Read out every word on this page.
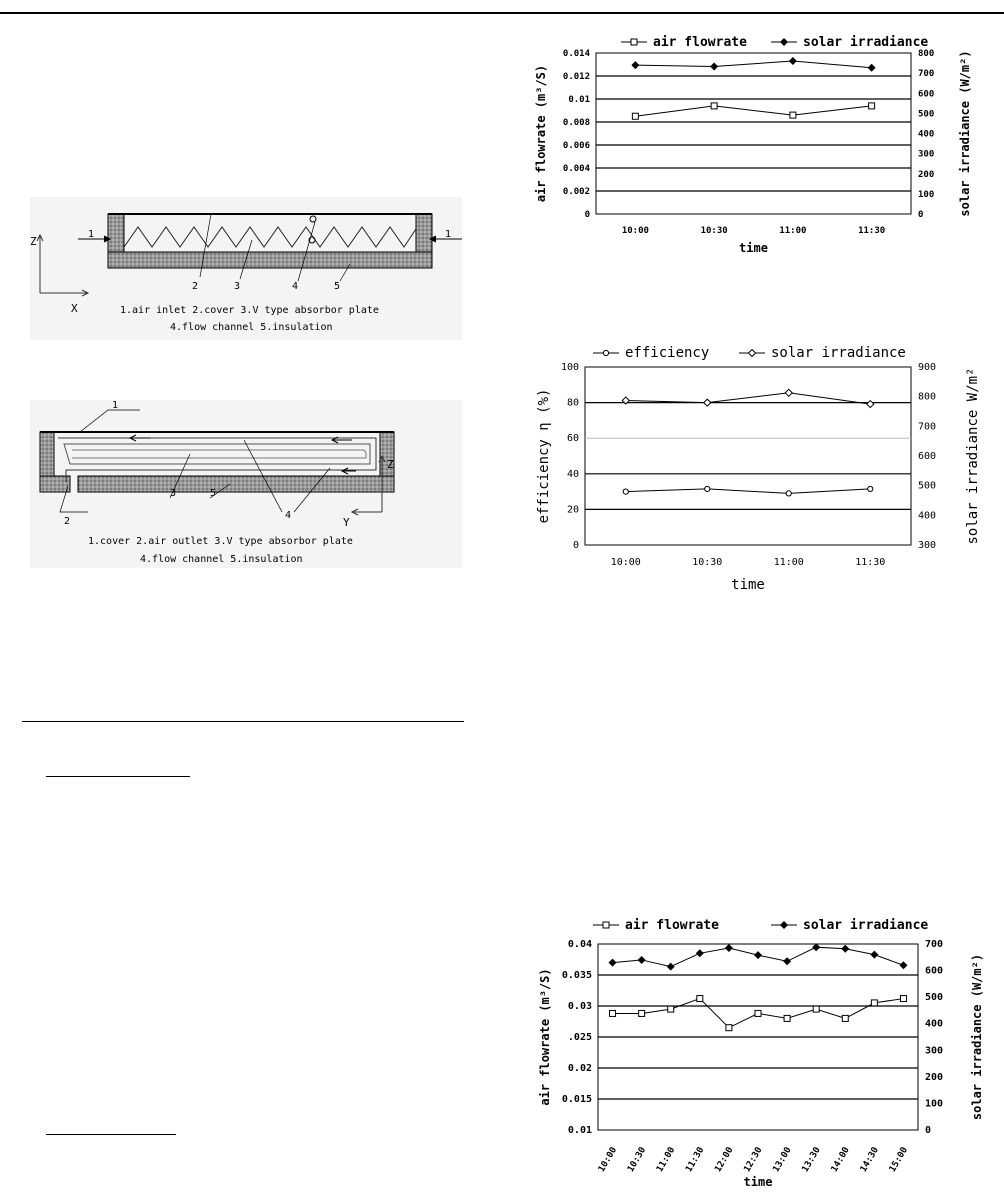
Z
X
1	1
2	3	4	5
1.air inlet 2.cover 3.V type absorbor plate
4.flow channel 5.insulation
Z
Y
1
2
3	5
4
1.cover 2.air outlet 3.V type absorbor plate
4.flow channel 5.insulation
0
0.002
0.004
0.006
0.008
0.01
0.012
0.014
0
100
200
300
400
500
600
700
800
10:00	10:30	11:00	11:30
time
air flowrate (m³/S)	solar irradiance (W/m²)
air flowrate	solar irradiance
0
20
40
60
80
100
300
400
500
600
700
800
900
10:00	10:30	11:00	11:30
time
efficiency η (%)	solar irradiance W/m²
efficiency	solar irradiance
0.01
0.015
0.02
.025
0.03
0.035
0.04
0
100
200
300
400
500
600
700
10:00 10:30 11:00 11:30 12:00 12:30 13:00 13:30 14:00 14:30 15:00
time
air flowrate (m³/S)	solar irradiance (W/m²)
air flowrate	solar irradiance
